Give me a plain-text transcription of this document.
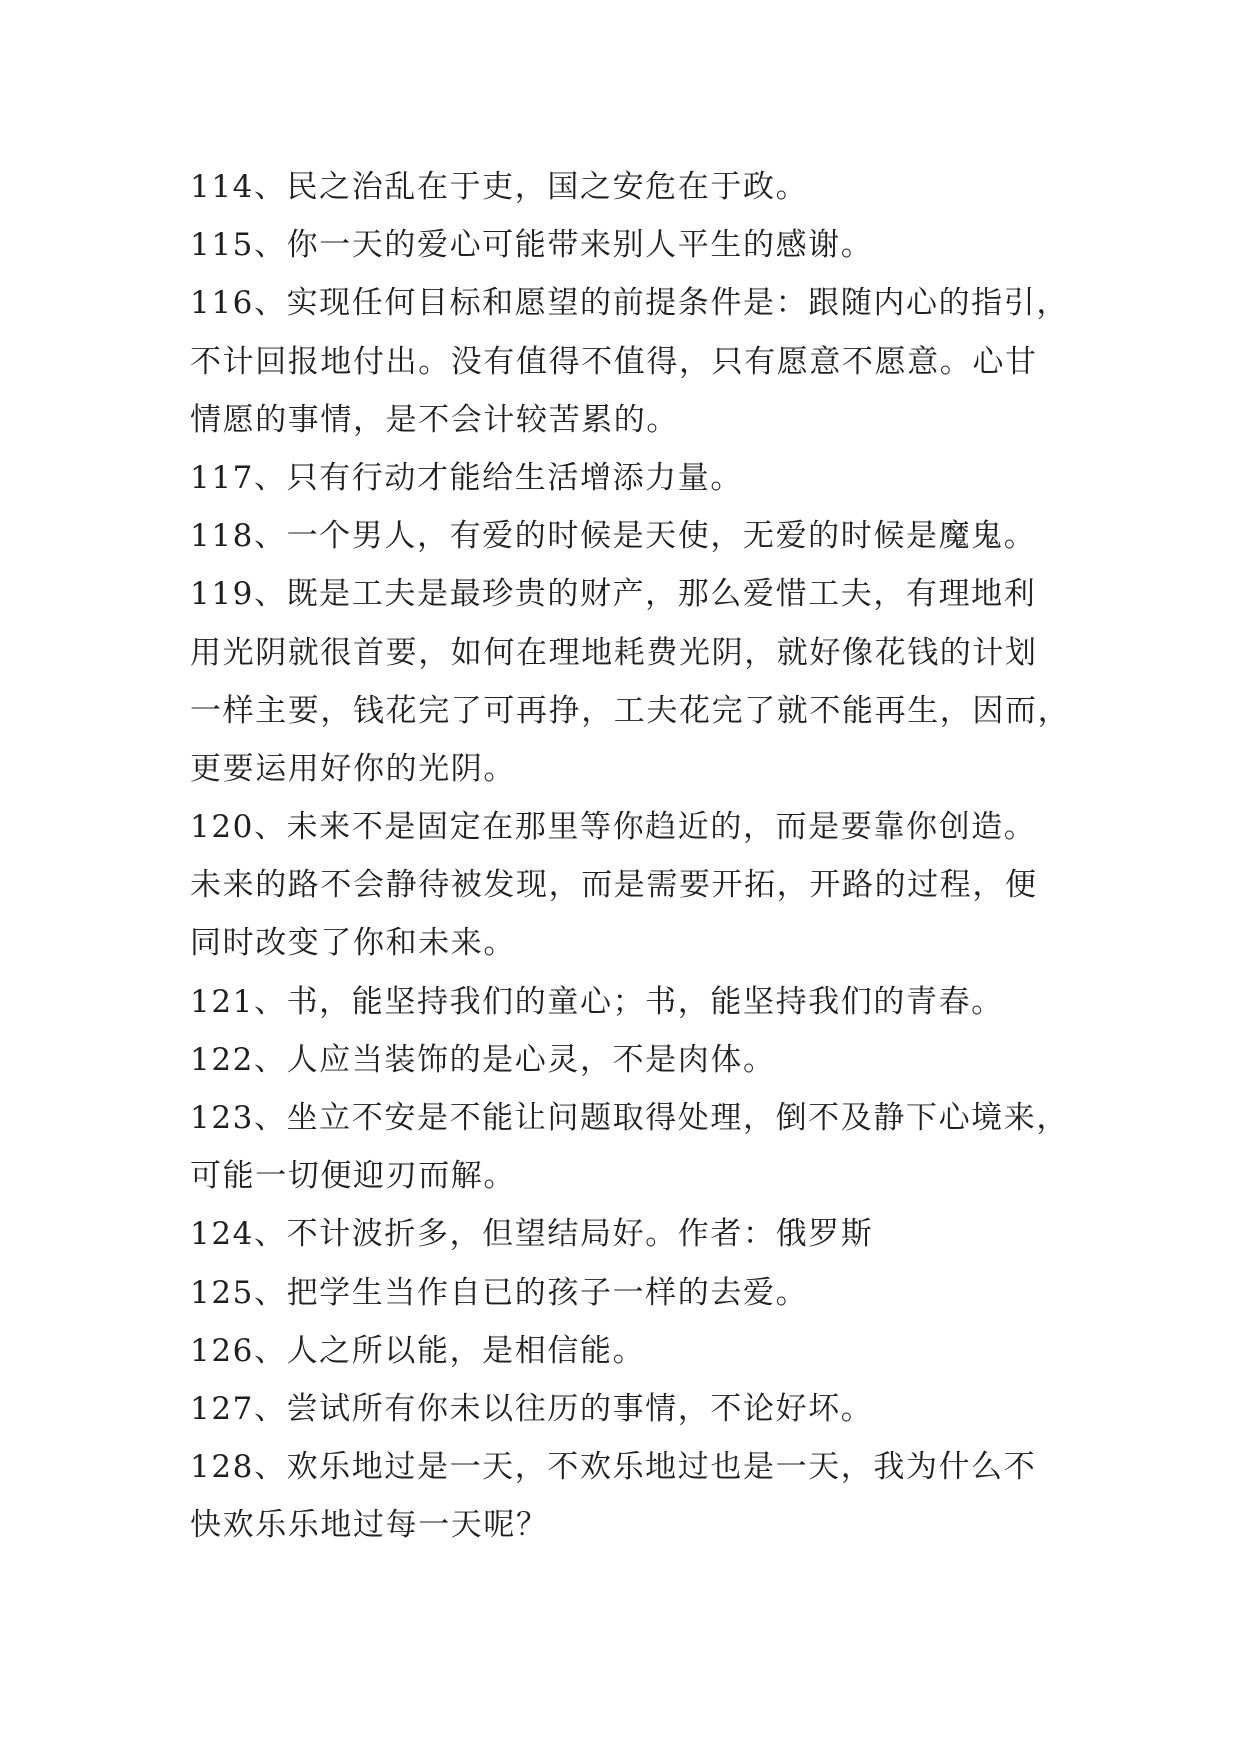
114、民之治乱在于吏，国之安危在于政。
115、你一天的爱心可能带来别人平生的感谢。
116、实现任何目标和愿望的前提条件是：跟随内心的指引，
不计回报地付出。没有值得不值得，只有愿意不愿意。心甘
情愿的事情，是不会计较苦累的。
117、只有行动才能给生活增添力量。
118、一个男人，有爱的时候是天使，无爱的时候是魔鬼。
119、既是工夫是最珍贵的财产，那么爱惜工夫，有理地利
用光阴就很首要，如何在理地耗费光阴，就好像花钱的计划
一样主要，钱花完了可再挣，工夫花完了就不能再生，因而，
更要运用好你的光阴。
120、未来不是固定在那里等你趋近的，而是要靠你创造。
未来的路不会静待被发现，而是需要开拓，开路的过程，便
同时改变了你和未来。
121、书，能坚持我们的童心；书，能坚持我们的青春。
122、人应当装饰的是心灵，不是肉体。
123、坐立不安是不能让问题取得处理，倒不及静下心境来，
可能一切便迎刃而解。
124、不计波折多，但望结局好。作者：俄罗斯
125、把学生当作自已的孩子一样的去爱。
126、人之所以能，是相信能。
127、尝试所有你未以往历的事情，不论好坏。
128、欢乐地过是一天，不欢乐地过也是一天，我为什么不
快欢乐乐地过每一天呢？
